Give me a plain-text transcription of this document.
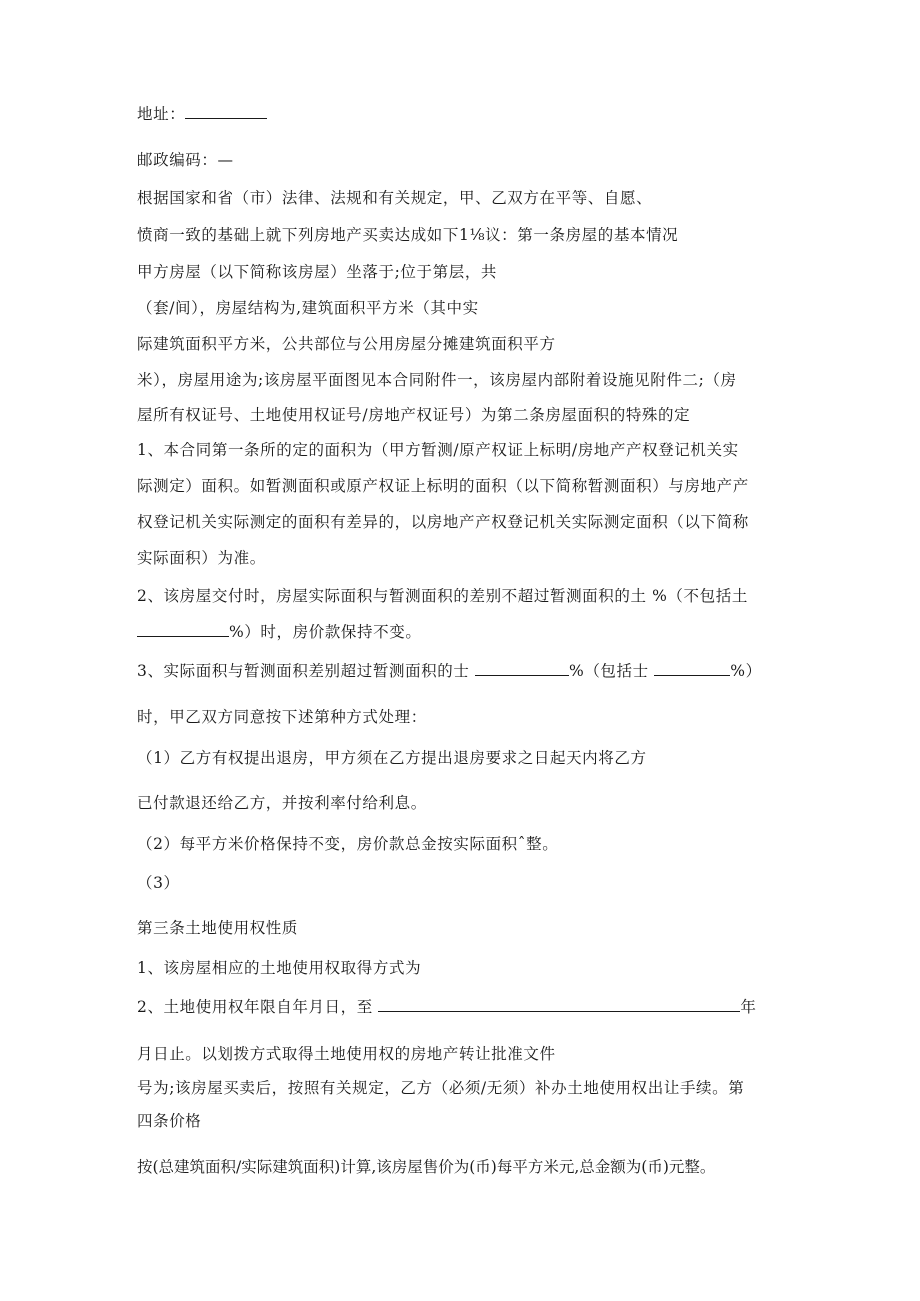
地址：
邮政编码：—
根据国家和省（市）法律、法规和有关规定，甲、乙双方在平等、自愿、
愤商一致的基础上就下列房地产买卖达成如下1⅛议：第一条房屋的基本情况
甲方房屋（以下简称该房屋）坐落于;位于第层，共
（套/间），房屋结构为,建筑面积平方米（其中实
际建筑面积平方米，公共部位与公用房屋分摊建筑面积平方
米），房屋用途为;该房屋平面图见本合同附件一，该房屋内部附着设施见附件二;（房
屋所有权证号、土地使用权证号/房地产权证号）为第二条房屋面积的特殊的定
1、本合同第一条所的定的面积为（甲方暂测/原产权证上标明/房地产产权登记机关实
际测定）面积。如暂测面积或原产权证上标明的面积（以下简称暂测面积）与房地产产
权登记机关实际测定的面积有差异的，以房地产产权登记机关实际测定面积（以下简称
实际面积）为准。
2、该房屋交付时，房屋实际面积与暂测面积的差别不超过暂测面积的土 %（不包括土
%）时，房价款保持不变。
3、实际面积与暂测面积差别超过暂测面积的士	%（包括士	%）
时，甲乙双方同意按下述第种方式处理：
（1）乙方有权提出退房，甲方须在乙方提出退房要求之日起天内将乙方
已付款退还给乙方，并按利率付给利息。
（2）每平方米价格保持不变，房价款总金按实际面积ˆ整。
（3）
第三条土地使用权性质
1、该房屋相应的土地使用权取得方式为
2、土地使用权年限自年月日，至	年
月日止。以划拨方式取得土地使用权的房地产转让批准文件
号为;该房屋买卖后，按照有关规定，乙方（必须/无须）补办土地使用权出让手续。第
四条价格
按(总建筑面积/实际建筑面积)计算,该房屋售价为(币)每平方米元,总金额为(币)元整。
